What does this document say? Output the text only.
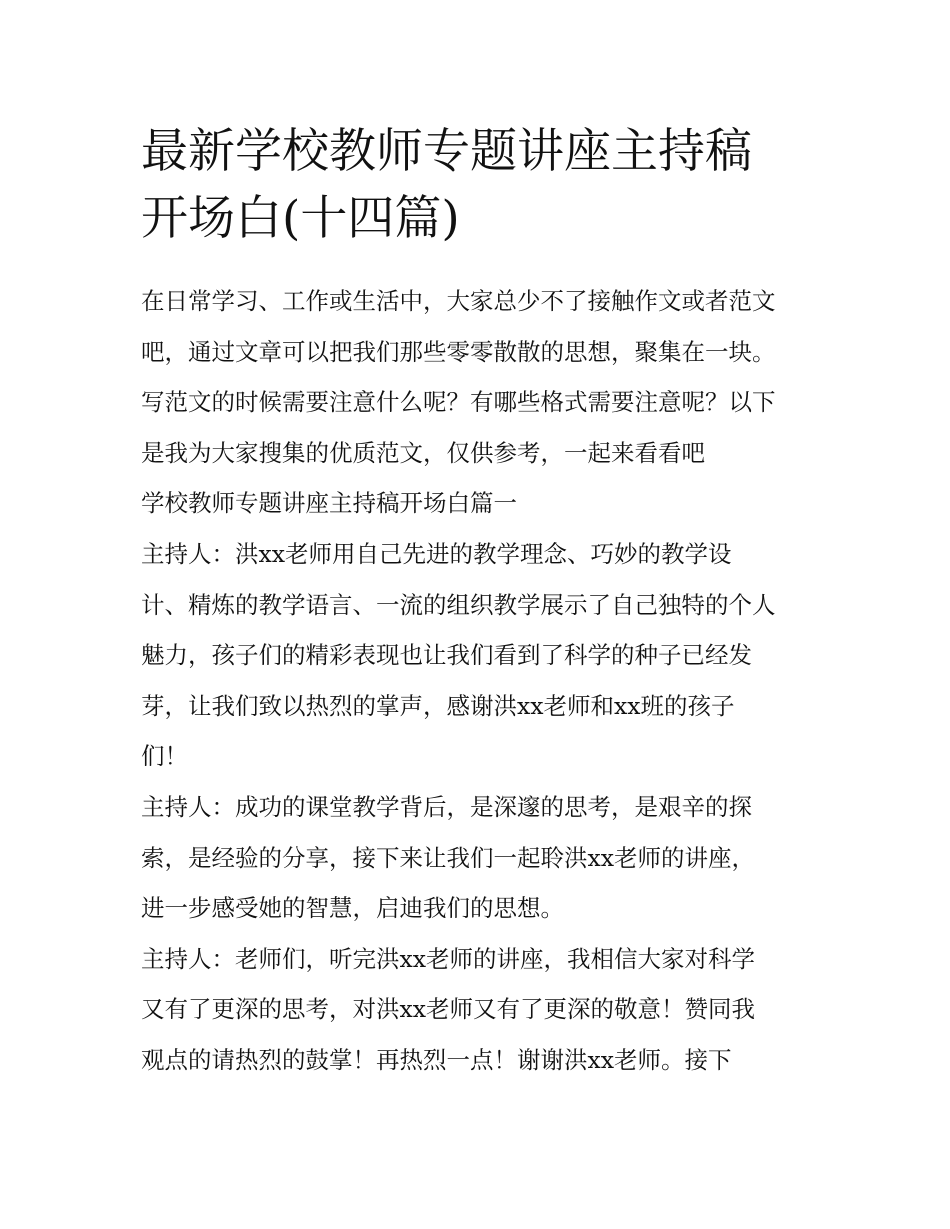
最新学校教师专题讲座主持稿
开场白(十四篇)
在日常学习、工作或生活中，大家总少不了接触作文或者范文
吧，通过文章可以把我们那些零零散散的思想，聚集在一块。
写范文的时候需要注意什么呢？有哪些格式需要注意呢？以下
是我为大家搜集的优质范文，仅供参考，一起来看看吧
学校教师专题讲座主持稿开场白篇一
主持人：洪xx老师用自己先进的教学理念、巧妙的教学设
计、精炼的教学语言、一流的组织教学展示了自己独特的个人
魅力，孩子们的精彩表现也让我们看到了科学的种子已经发
芽，让我们致以热烈的掌声，感谢洪xx老师和xx班的孩子
们！
主持人：成功的课堂教学背后，是深邃的思考，是艰辛的探
索，是经验的分享，接下来让我们一起聆洪xx老师的讲座，
进一步感受她的智慧，启迪我们的思想。
主持人：老师们，听完洪xx老师的讲座，我相信大家对科学
又有了更深的思考，对洪xx老师又有了更深的敬意！赞同我
观点的请热烈的鼓掌！再热烈一点！谢谢洪xx老师。接下
